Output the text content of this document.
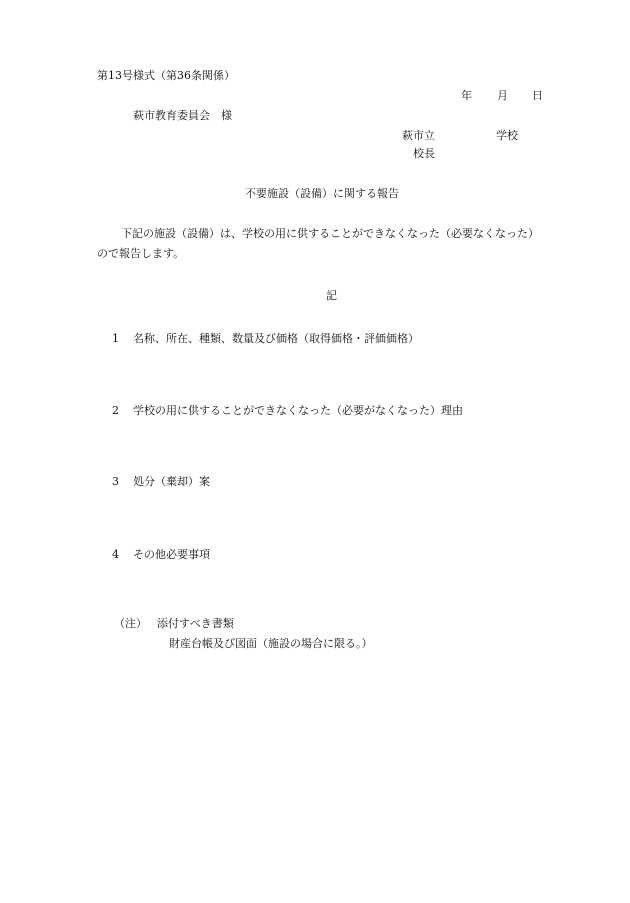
第13号様式（第36条関係）
年 月 日
萩市教育委員会　様
萩市立	学校
校長
不要施設（設備）に関する報告
下記の施設（設備）は、学校の用に供することができなくなった（必要なくなった）
ので報告します。
記
1 名称、所在、種類、数量及び価格（取得価格・評価価格）
2 学校の用に供することができなくなった（必要がなくなった）理由
3 処分（棄却）案
4 その他必要事項
（注） 添付すべき書類
財産台帳及び図面（施設の場合に限る。）
